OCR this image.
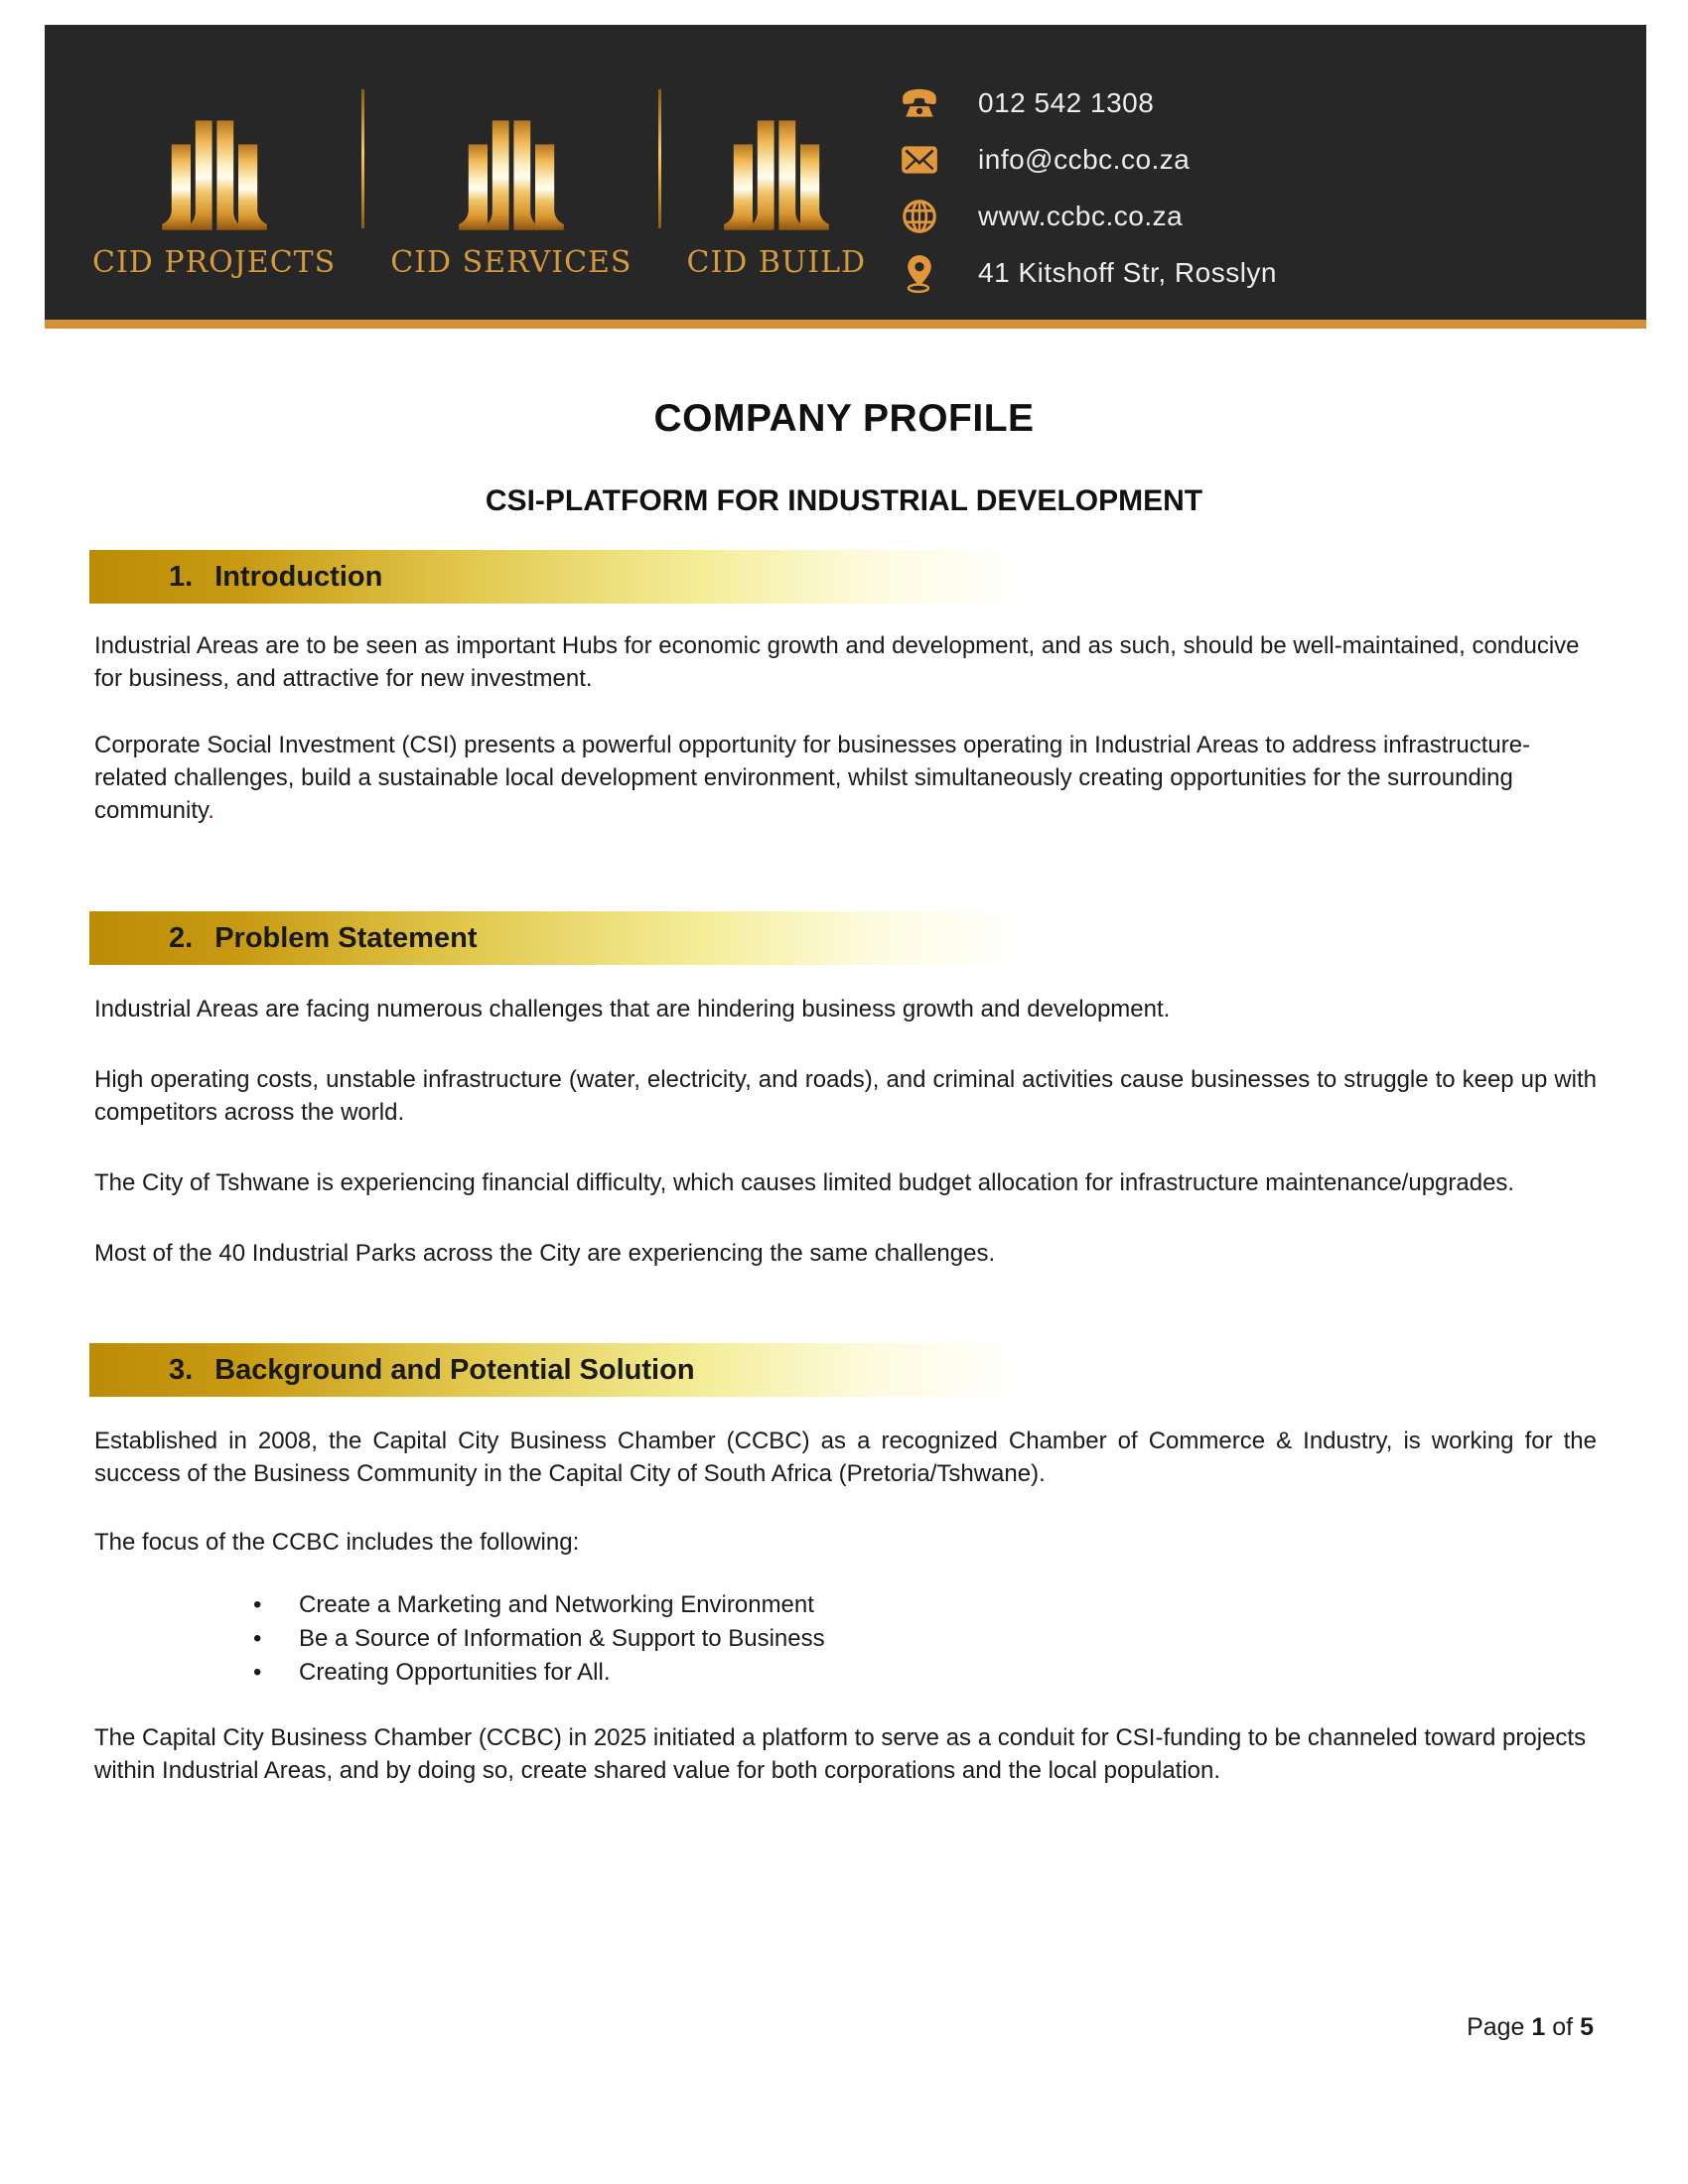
CID PROJECTS CID SERVICES CID BUILD
012 542 1308
info@ccbc.co.za
www.ccbc.co.za
41 Kitshoff Str, Rosslyn
COMPANY PROFILE
CSI-PLATFORM FOR INDUSTRIAL DEVELOPMENT
1. Introduction

Industrial Areas are to be seen as important Hubs for economic growth and development, and as such, should be well-maintained, conducive for business, and attractive for new investment.

Corporate Social Investment (CSI) presents a powerful opportunity for businesses operating in Industrial Areas to address infrastructure-related challenges, build a sustainable local development environment, whilst simultaneously creating opportunities for the surrounding community.

2. Problem Statement

Industrial Areas are facing numerous challenges that are hindering business growth and development.

High operating costs, unstable infrastructure (water, electricity, and roads), and criminal activities cause businesses to struggle to keep up with competitors across the world.

The City of Tshwane is experiencing financial difficulty, which causes limited budget allocation for infrastructure maintenance/upgrades.

Most of the 40 Industrial Parks across the City are experiencing the same challenges.

3. Background and Potential Solution

Established in 2008, the Capital City Business Chamber (CCBC) as a recognized Chamber of Commerce & Industry, is working for the success of the Business Community in the Capital City of South Africa (Pretoria/Tshwane).

The focus of the CCBC includes the following:

•	Create a Marketing and Networking Environment
•	Be a Source of Information & Support to Business
•	Creating Opportunities for All.

The Capital City Business Chamber (CCBC) in 2025 initiated a platform to serve as a conduit for CSI-funding to be channeled toward projects within Industrial Areas, and by doing so, create shared value for both corporations and the local population.

Page 1 of 5
